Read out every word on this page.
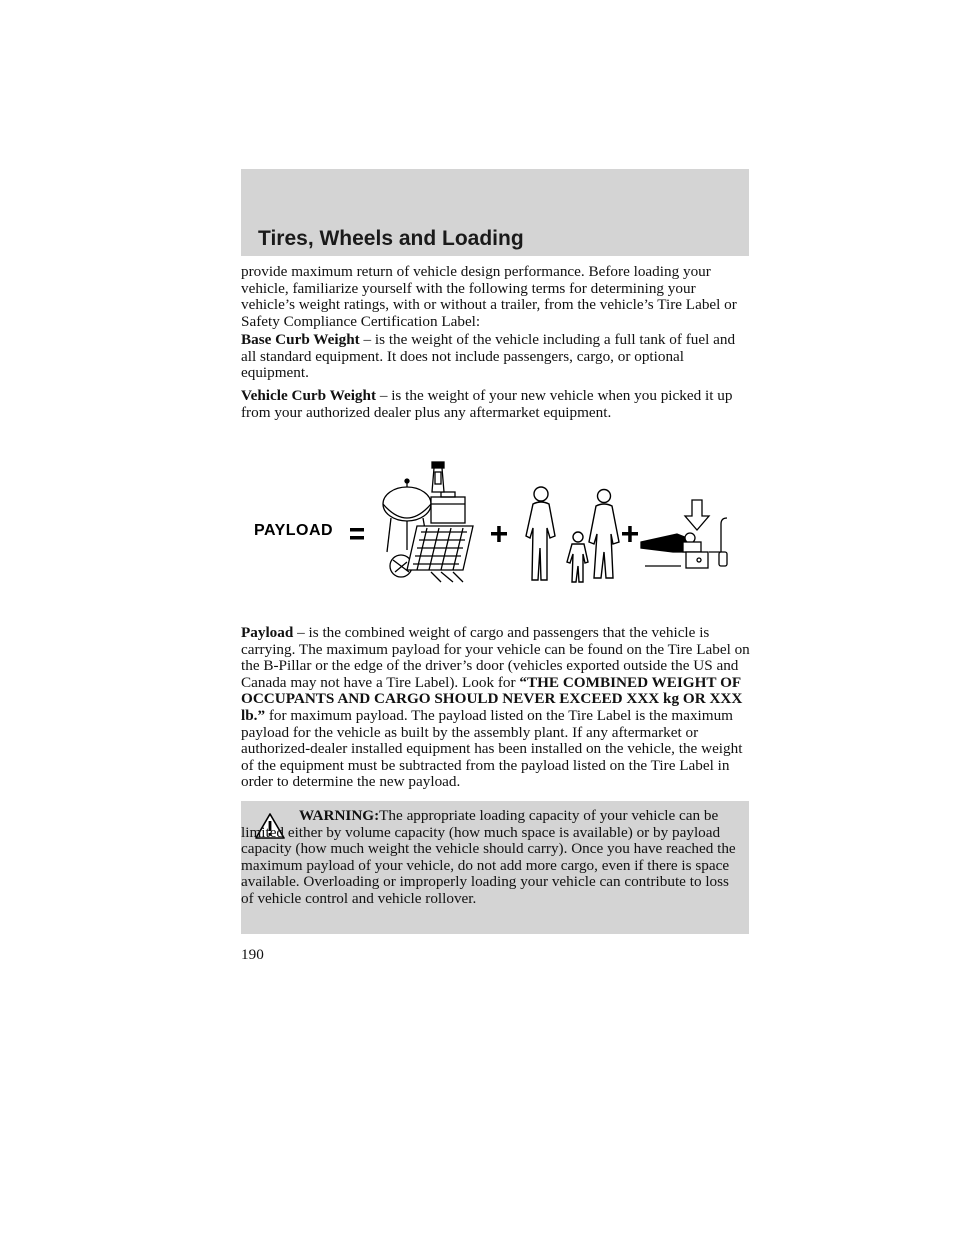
Tires, Wheels and Loading

provide maximum return of vehicle design performance. Before loading your vehicle, familiarize yourself with the following terms for determining your vehicle’s weight ratings, with or without a trailer, from the vehicle’s Tire Label or Safety Compliance Certification Label:

Base Curb Weight – is the weight of the vehicle including a full tank of fuel and all standard equipment. It does not include passengers, cargo, or optional equipment.

Vehicle Curb Weight – is the weight of your new vehicle when you picked it up from your authorized dealer plus any aftermarket equipment.

PAYLOAD

Payload – is the combined weight of cargo and passengers that the vehicle is carrying. The maximum payload for your vehicle can be found on the Tire Label on the B-Pillar or the edge of the driver’s door (vehicles exported outside the US and Canada may not have a Tire Label). Look for “THE COMBINED WEIGHT OF OCCUPANTS AND CARGO SHOULD NEVER EXCEED XXX kg OR XXX lb.” for maximum payload. The payload listed on the Tire Label is the maximum payload for the vehicle as built by the assembly plant. If any aftermarket or authorized-dealer installed equipment has been installed on the vehicle, the weight of the equipment must be subtracted from the payload listed on the Tire Label in order to determine the new payload.

WARNING:The appropriate loading capacity of your vehicle can be limited either by volume capacity (how much space is available) or by payload capacity (how much weight the vehicle should carry). Once you have reached the maximum payload of your vehicle, do not add more cargo, even if there is space available. Overloading or improperly loading your vehicle can contribute to loss of vehicle control and vehicle rollover.

190
